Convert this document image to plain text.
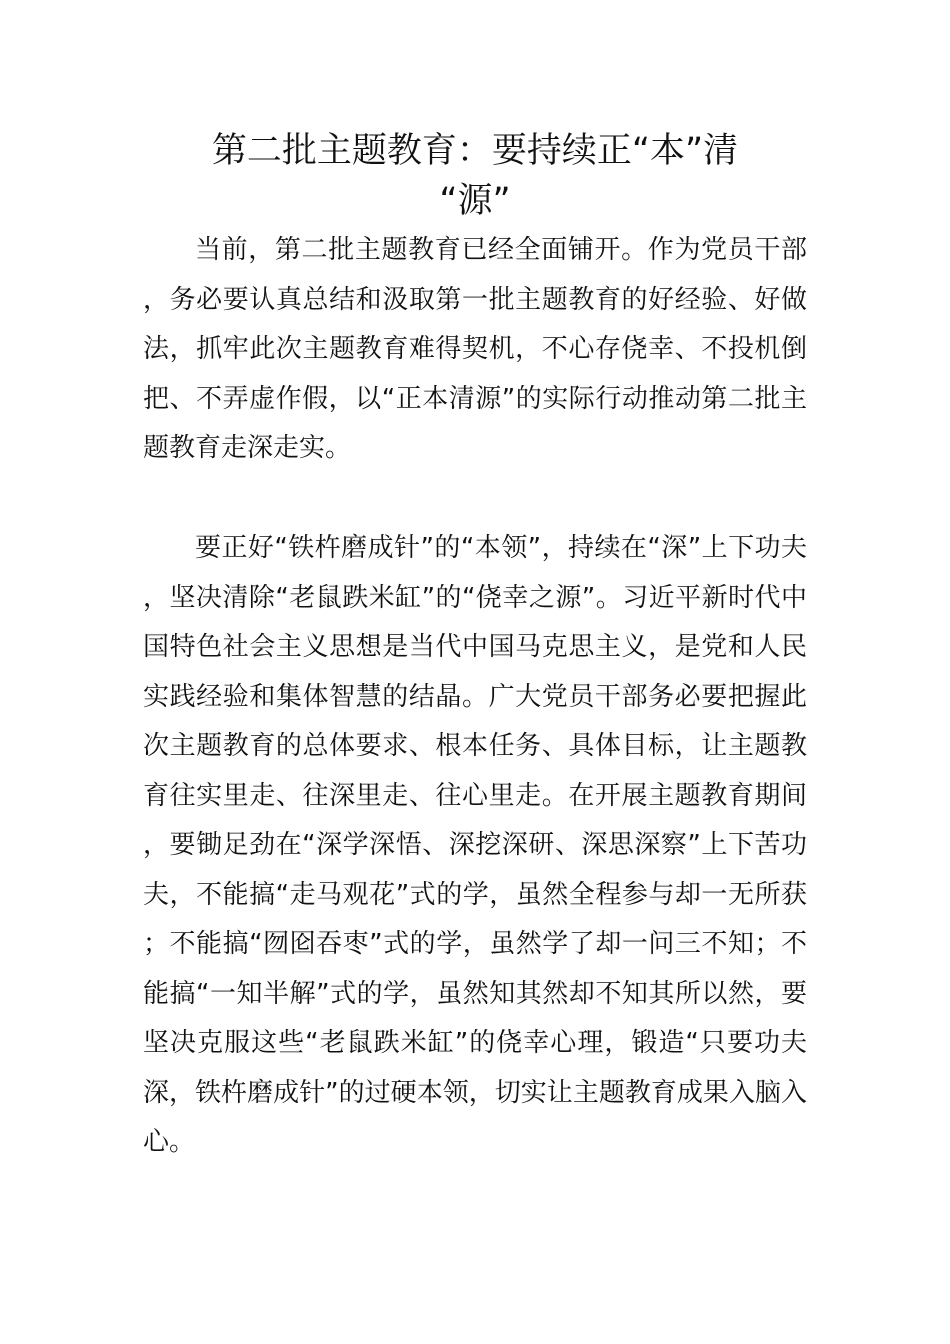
第二批主题教育：要持续正“本”清
“源”

当前，第二批主题教育已经全面铺开。作为党员干部，务必要认真总结和汲取第一批主题教育的好经验、好做法，抓牢此次主题教育难得契机，不心存侥幸、不投机倒把、不弄虚作假，以“正本清源”的实际行动推动第二批主题教育走深走实。

要正好“铁杵磨成针”的“本领”，持续在“深”上下功夫，坚决清除“老鼠跌米缸”的“侥幸之源”。习近平新时代中国特色社会主义思想是当代中国马克思主义，是党和人民实践经验和集体智慧的结晶。广大党员干部务必要把握此次主题教育的总体要求、根本任务、具体目标，让主题教育往实里走、往深里走、往心里走。在开展主题教育期间，要锄足劲在“深学深悟、深挖深研、深思深察”上下苦功夫，不能搞“走马观花”式的学，虽然全程参与却一无所获；不能搞“囫囵吞枣”式的学，虽然学了却一问三不知；不能搞“一知半解”式的学，虽然知其然却不知其所以然，要坚决克服这些“老鼠跌米缸”的侥幸心理，锻造“只要功夫深，铁杵磨成针”的过硬本领，切实让主题教育成果入脑入心。
